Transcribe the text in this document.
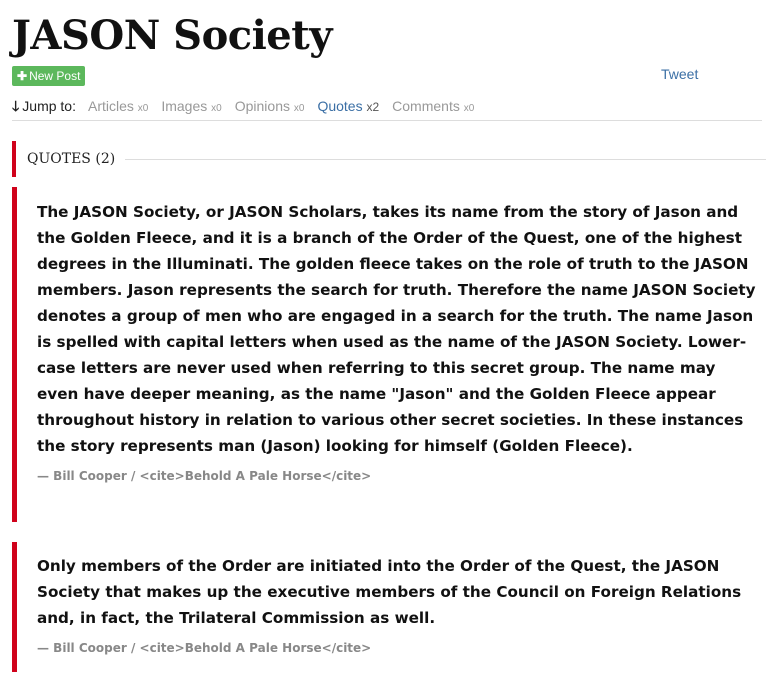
JASON Society
✚ New Post	Tweet
🡓 Jump to: Articles x0 Images x0 Opinions x0 Quotes x2 Comments x0
QUOTES (2)

The JASON Society, or JASON Scholars, takes its name from the story of Jason and the Golden Fleece, and it is a branch of the Order of the Quest, one of the highest degrees in the Illuminati. The golden fleece takes on the role of truth to the JASON members. Jason represents the search for truth. Therefore the name JASON Society denotes a group of men who are engaged in a search for the truth. The name Jason is spelled with capital letters when used as the name of the JASON Society. Lower-case letters are never used when referring to this secret group. The name may even have deeper meaning, as the name "Jason" and the Golden Fleece appear throughout history in relation to various other secret societies. In these instances the story represents man (Jason) looking for himself (Golden Fleece).

— Bill Cooper / <cite>Behold A Pale Horse</cite>

Only members of the Order are initiated into the Order of the Quest, the JASON Society that makes up the executive members of the Council on Foreign Relations and, in fact, the Trilateral Commission as well.

— Bill Cooper / <cite>Behold A Pale Horse</cite>
